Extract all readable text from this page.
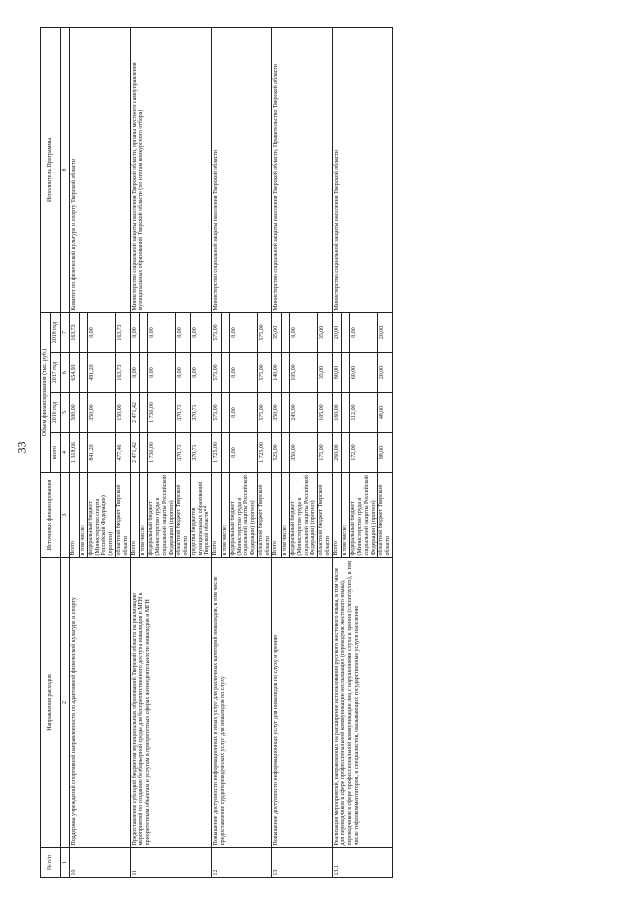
33
№ п/п	Направления расходов	Источники финансирования	Объем финансирования (тыс. руб.)				Исполнитель Программы
			всего	2016 год	2017 год	2018 год	
1	2	3	4	5	6	7	8
10	Поддержка учреждений спортивной направленности по адаптивной физической культуре и спорту	Всего	1 318,66	500,00	654,93	163,73	Комитет по физической культуре и спорту Тверской области
		в том числе:					
		федеральный бюджет (Министерство спорта Российской Федерации) (прогноз)	841,20	350,00	491,20	0,00	
		областной бюджет Тверской области	477,46	150,00	163,73	163,73	
11	Предоставление субсидий бюджетам муниципальных образований Тверской области на реализацию мероприятий по созданию безбарьерной среды для беспрепятственного доступа инвалидов и МГН к приоритетным объектам и услугам в приоритетных сферах жизнедеятельности инвалидов и МГН	Всего	2 471,42	2 471,42	0,00	0,00	Министерство социальной защиты населения Тверской области, органы местного самоуправления муниципальных образований Тверской области (по итогам конкурсного отбора)
		в том числе:					
		федеральный бюджет (Министерство труда и социальной защиты Российской Федерации) (прогноз)	1 730,00	1 730,00	0,00	0,00	
		областной бюджет Тверской области	370,71	370,71	0,00	0,00	
		средства бюджетов муниципальных образований Тверской области**	370,71	370,71	0,00	0,00	
12	Повышение доступности информационных и иных услуг для различных категорий инвалидов, в том числе предоставление сурдопереводческих услуг для инвалидов по слуху	Всего	1 725,00	575,00	575,00	575,00	Министерство социальной защиты населения Тверской области
		в том числе:					
		федеральный бюджет (Министерство труда и социальной защиты Российской Федерации) (прогноз)	0,00	0,00	0,00	0,00	
		областной бюджет Тверской области	1 725,00	575,00	575,00	575,00	
13	Повышение доступности информационных услуг для инвалидов по слуху и зрению	Всего	525,00	350,00	140,00	35,00	Министерство социальной защиты населения Тверской области, Правительство Тверской области
		в том числе:					
		федеральный бюджет (Министерство труда и социальной защиты Российской Федерации) (прогноз)	350,00	245,00	105,00	0,00	
		областной бюджет Тверской области	175,00	105,00	35,00	35,00	
13.1	Реализация мероприятий, направленных на расширение использования русского жестового языка, в том числе для переводчиков в сфере профессиональной коммуникации неслышащих (переводчик жестового языка), переводчиков в сфере профессиональной коммуникации лиц с нарушениями слуха и зрения (слепоглухих), в том числе тифлокомментаторов, и специалистов, оказывающих государственные услуги населению	Всего	260,00	160,00	80,00	20,00	Министерство социальной защиты населения Тверской области
		в том числе:					
		федеральный бюджет (Министерство труда и социальной защиты Российской Федерации) (прогноз)	172,00	112,00	60,00	0,00	
		областной бюджет Тверской области	88,00	48,00	20,00	20,00	
